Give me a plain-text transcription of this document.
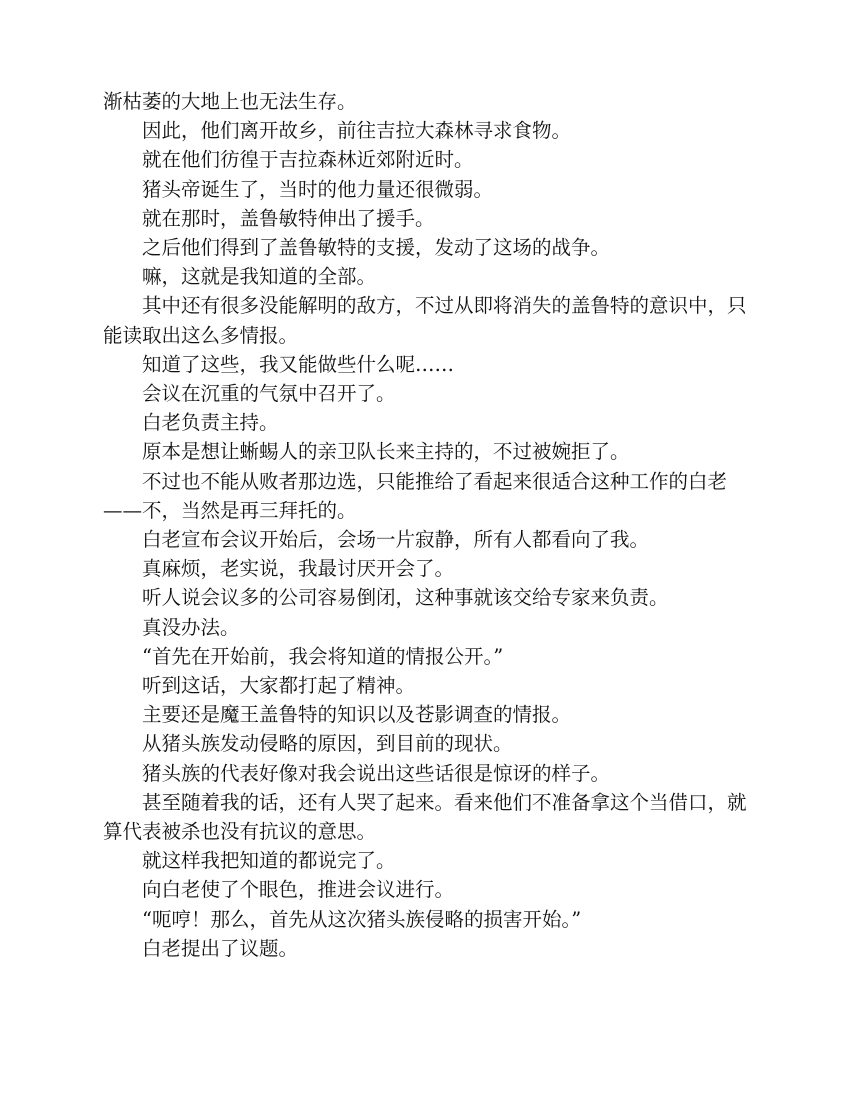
渐枯萎的大地上也无法生存。

因此，他们离开故乡，前往吉拉大森林寻求食物。

就在他们彷徨于吉拉森林近郊附近时。

猪头帝诞生了，当时的他力量还很微弱。

就在那时，盖鲁敏特伸出了援手。

之后他们得到了盖鲁敏特的支援，发动了这场的战争。

嘛，这就是我知道的全部。

其中还有很多没能解明的敌方，不过从即将消失的盖鲁特的意识中，只能读取出这么多情报。

知道了这些，我又能做些什么呢……

会议在沉重的气氛中召开了。

白老负责主持。

原本是想让蜥蜴人的亲卫队长来主持的，不过被婉拒了。

不过也不能从败者那边选，只能推给了看起来很适合这种工作的白老——不，当然是再三拜托的。

白老宣布会议开始后，会场一片寂静，所有人都看向了我。

真麻烦，老实说，我最讨厌开会了。

听人说会议多的公司容易倒闭，这种事就该交给专家来负责。

真没办法。

“首先在开始前，我会将知道的情报公开。”

听到这话，大家都打起了精神。

主要还是魔王盖鲁特的知识以及苍影调查的情报。

从猪头族发动侵略的原因，到目前的现状。

猪头族的代表好像对我会说出这些话很是惊讶的样子。

甚至随着我的话，还有人哭了起来。看来他们不准备拿这个当借口，就算代表被杀也没有抗议的意思。

就这样我把知道的都说完了。

向白老使了个眼色，推进会议进行。

“呃哼！那么，首先从这次猪头族侵略的损害开始。”

白老提出了议题。
